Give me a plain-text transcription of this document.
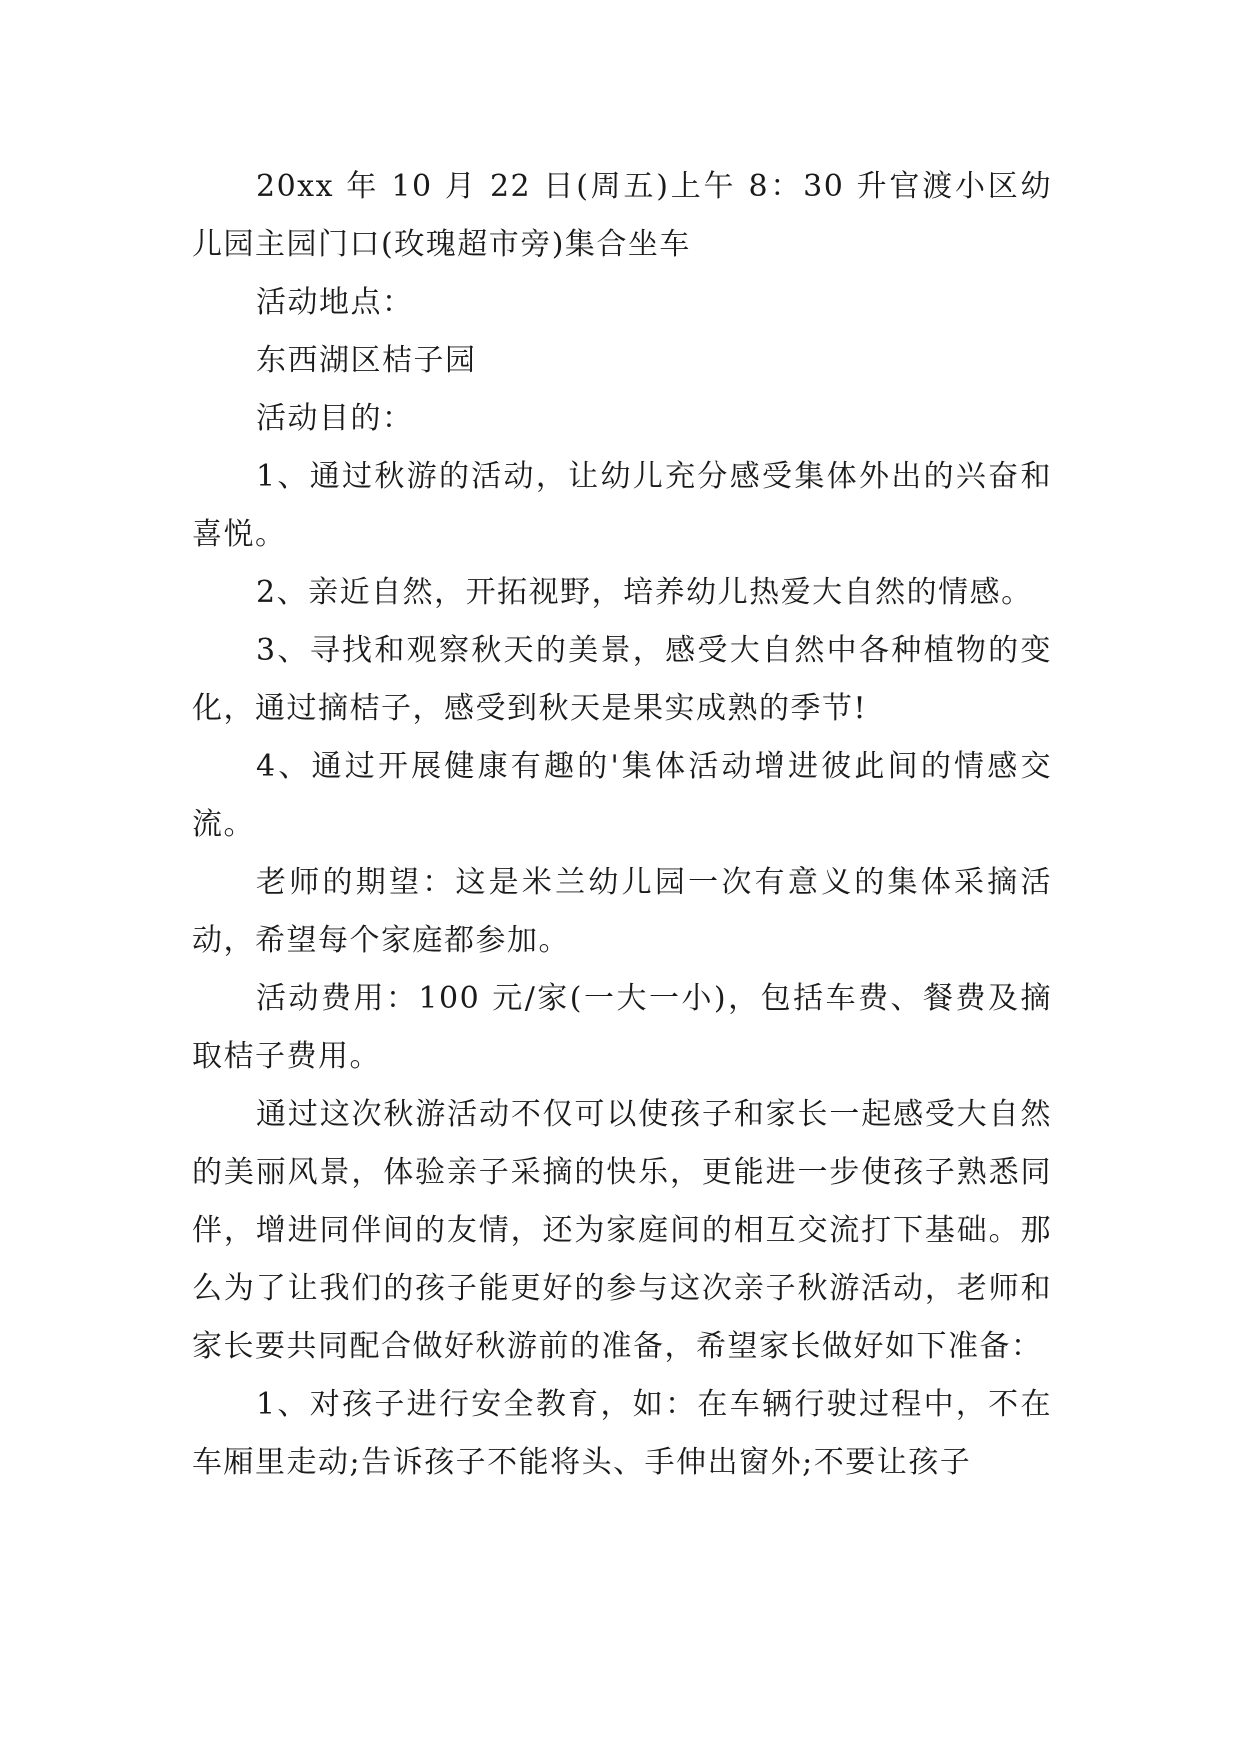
20xx 年 10 月 22 日(周五)上午 8：30 升官渡小区幼儿园主园门口(玫瑰超市旁)集合坐车

活动地点：

东西湖区桔子园

活动目的：

1、通过秋游的活动，让幼儿充分感受集体外出的兴奋和喜悦。

2、亲近自然，开拓视野，培养幼儿热爱大自然的情感。

3、寻找和观察秋天的美景，感受大自然中各种植物的变化，通过摘桔子，感受到秋天是果实成熟的季节!

4、通过开展健康有趣的'集体活动增进彼此间的情感交流。

老师的期望：这是米兰幼儿园一次有意义的集体采摘活动，希望每个家庭都参加。

活动费用：100 元/家(一大一小)，包括车费、餐费及摘取桔子费用。

通过这次秋游活动不仅可以使孩子和家长一起感受大自然的美丽风景，体验亲子采摘的快乐，更能进一步使孩子熟悉同伴，增进同伴间的友情，还为家庭间的相互交流打下基础。那么为了让我们的孩子能更好的参与这次亲子秋游活动，老师和家长要共同配合做好秋游前的准备，希望家长做好如下准备：

1、对孩子进行安全教育，如：在车辆行驶过程中，不在车厢里走动;告诉孩子不能将头、手伸出窗外;不要让孩子
